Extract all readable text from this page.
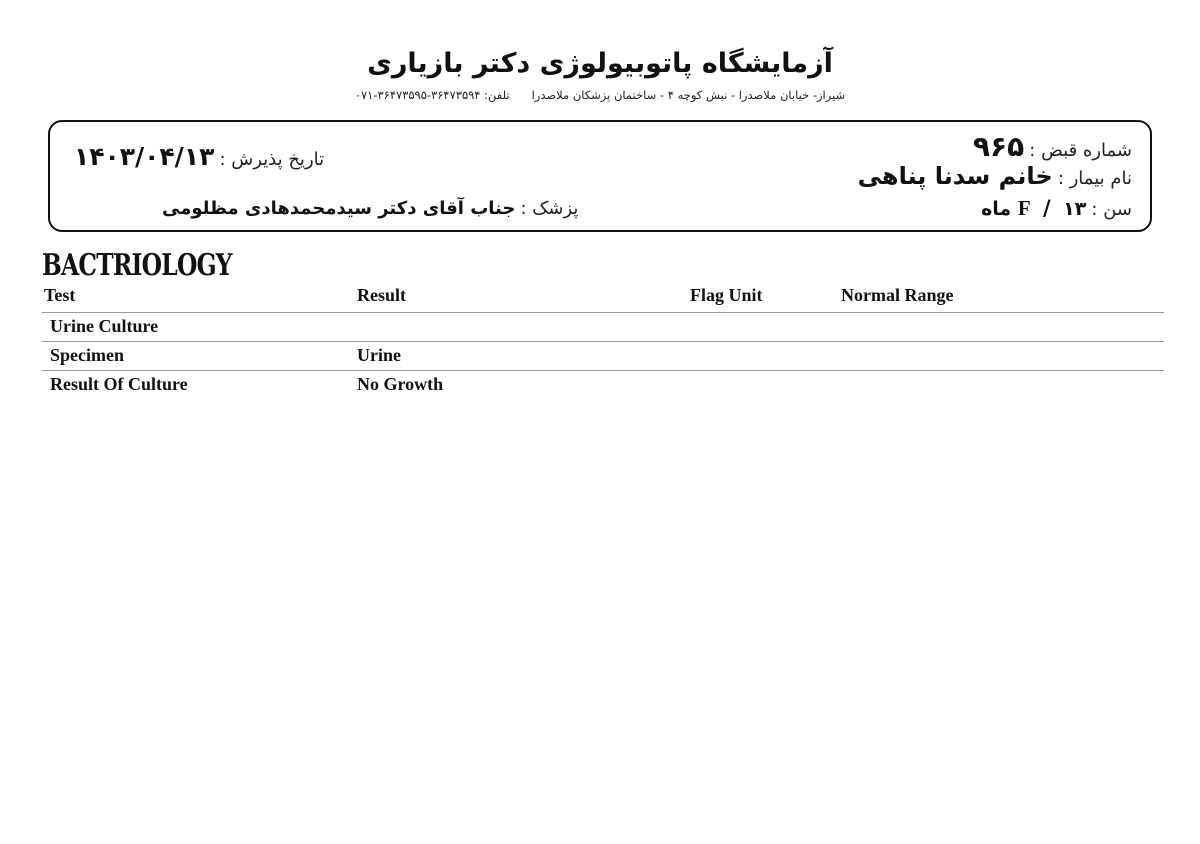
آزمایشگاه پاتوبیولوژی دکتر بازیاری
شیراز- خیابان ملاصدرا - نبش کوچه ۴ - ساختمان پزشکان ملاصدراتلفن: ۳۶۴۷۳۵۹۴-۳۶۴۷۳۵۹۵-۰۷۱
شماره قبض : ۹۶۵
نام بیمار : خانم سدنا پناهی
سن : F  /  ۱۳ ماه
تاریخ پذیرش : ۱۴۰۳/۰۴/۱۳
پزشک : جناب آقای دکتر سیدمحمدهادی مظلومی
BACTRIOLOGY
Test	Result	Flag Unit	Normal Range
Urine Culture
Specimen	Urine
Result Of Culture	No Growth
